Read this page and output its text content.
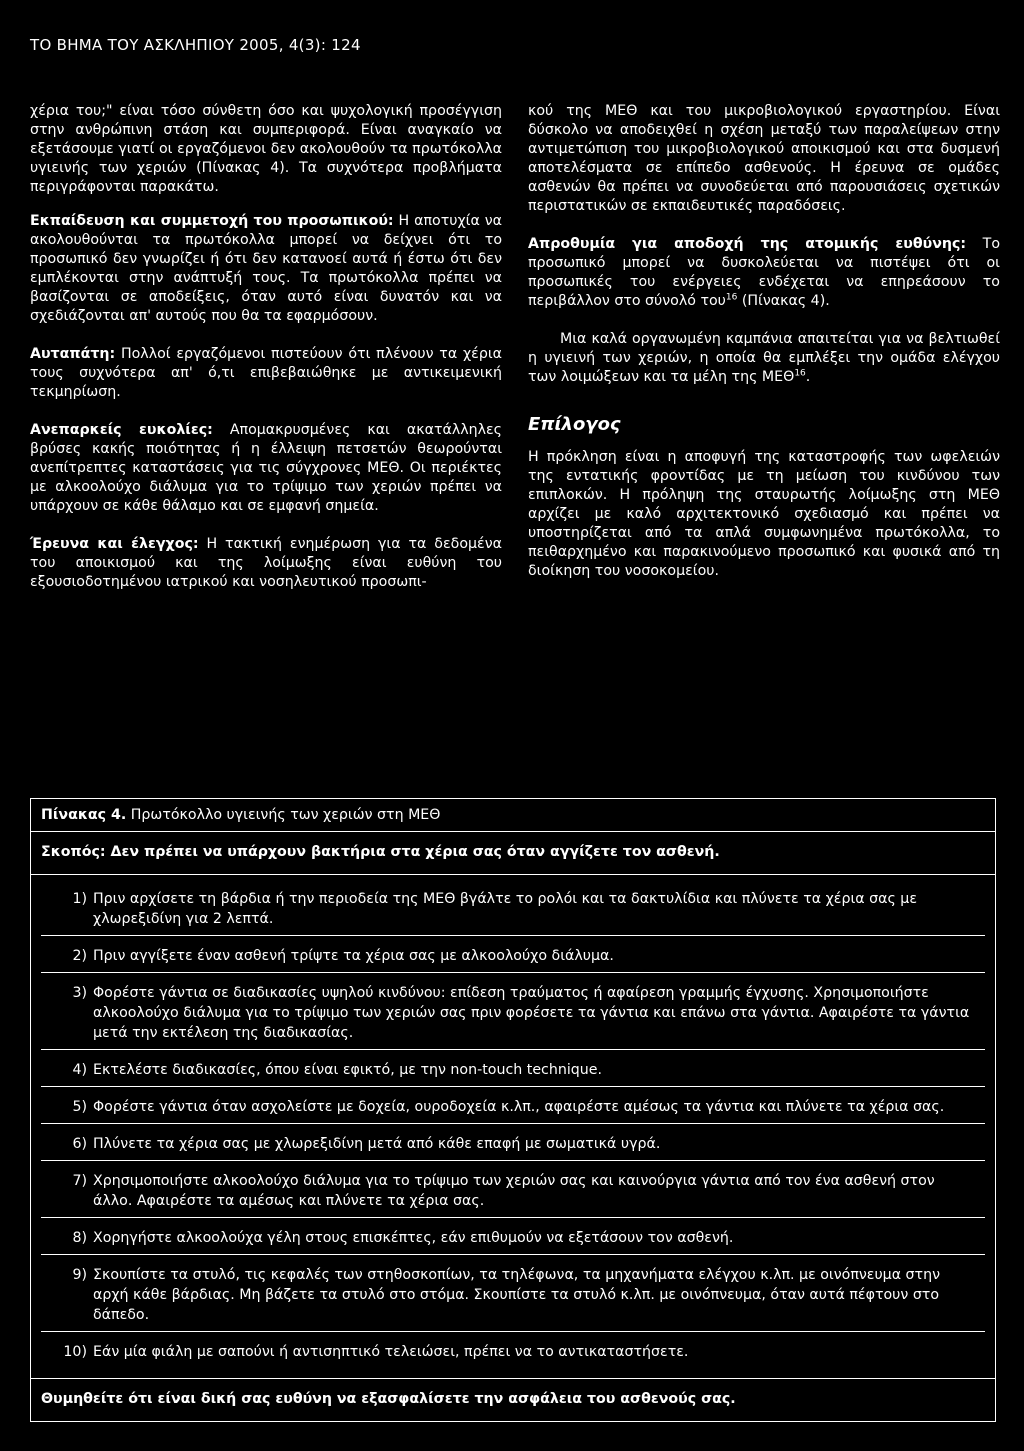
ΤΟ ΒΗΜΑ ΤΟΥ ΑΣΚΛΗΠΙΟΥ 2005, 4(3): 124

χέρια του;" είναι τόσο σύνθετη όσο και ψυχολογική προσέγγιση στην ανθρώπινη στάση και συμπεριφορά. Είναι αναγκαίο να εξετάσουμε γιατί οι εργαζόμενοι δεν ακολουθούν τα πρωτόκολλα υγιεινής των χεριών (Πίνακας 4). Τα συχνότερα προβλήματα περιγράφονται παρακάτω.

Εκπαίδευση και συμμετοχή του προσωπικού: Η αποτυχία να ακολουθούνται τα πρωτόκολλα μπορεί να δείχνει ότι το προσωπικό δεν γνωρίζει ή ότι δεν κατανοεί αυτά ή έστω ότι δεν εμπλέκονται στην ανάπτυξή τους. Τα πρωτόκολλα πρέπει να βασίζονται σε αποδείξεις, όταν αυτό είναι δυνατόν και να σχεδιάζονται απ' αυτούς που θα τα εφαρμόσουν.

Αυταπάτη: Πολλοί εργαζόμενοι πιστεύουν ότι πλένουν τα χέρια τους συχνότερα απ' ό,τι επιβεβαιώθηκε με αντικειμενική τεκμηρίωση.

Ανεπαρκείς ευκολίες: Απομακρυσμένες και ακατάλληλες βρύσες κακής ποιότητας ή η έλλειψη πετσετών θεωρούνται ανεπίτρεπτες καταστάσεις για τις σύγχρονες ΜΕΘ. Οι περιέκτες με αλκοολούχο διάλυμα για το τρίψιμο των χεριών πρέπει να υπάρχουν σε κάθε θάλαμο και σε εμφανή σημεία.

Έρευνα και έλεγχος: Η τακτική ενημέρωση για τα δεδομένα του αποικισμού και της λοίμωξης είναι ευθύνη του εξουσιοδοτημένου ιατρικού και νοσηλευτικού προσωπι-

κού της ΜΕΘ και του μικροβιολογικού εργαστηρίου. Είναι δύσκολο να αποδειχθεί η σχέση μεταξύ των παραλείψεων στην αντιμετώπιση του μικροβιολογικού αποικισμού και στα δυσμενή αποτελέσματα σε επίπεδο ασθενούς. Η έρευνα σε ομάδες ασθενών θα πρέπει να συνοδεύεται από παρουσιάσεις σχετικών περιστατικών σε εκπαιδευτικές παραδόσεις.

Απροθυμία για αποδοχή της ατομικής ευθύνης: Το προσωπικό μπορεί να δυσκολεύεται να πιστέψει ότι οι προσωπικές του ενέργειες ενδέχεται να επηρεάσουν το περιβάλλον στο σύνολό του$^{16}$ (Πίνακας 4).

Μια καλά οργανωμένη καμπάνια απαιτείται για να βελτιωθεί η υγιεινή των χεριών, η οποία θα εμπλέξει την ομάδα ελέγχου των λοιμώξεων και τα μέλη της ΜΕΘ$^{16}$.

Επίλογος

Η πρόκληση είναι η αποφυγή της καταστροφής των ωφελειών της εντατικής φροντίδας με τη μείωση του κινδύνου των επιπλοκών. Η πρόληψη της σταυρωτής λοίμωξης στη ΜΕΘ αρχίζει με καλό αρχιτεκτονικό σχεδιασμό και πρέπει να υποστηρίζεται από τα απλά συμφωνημένα πρωτόκολλα, το πειθαρχημένο και παρακινούμενο προσωπικό και φυσικά από τη διοίκηση του νοσοκομείου.

Πίνακας 4. Πρωτόκολλο υγιεινής των χεριών στη ΜΕΘ
Σκοπός: Δεν πρέπει να υπάρχουν βακτήρια στα χέρια σας όταν αγγίζετε τον ασθενή.
1) Πριν αρχίσετε τη βάρδια ή την περιοδεία της ΜΕΘ βγάλτε το ρολόι και τα δακτυλίδια και πλύνετε τα χέρια σας με χλωρεξιδίνη για 2 λεπτά.
2) Πριν αγγίξετε έναν ασθενή τρίψτε τα χέρια σας με αλκοολούχο διάλυμα.
3) Φορέστε γάντια σε διαδικασίες υψηλού κινδύνου: επίδεση τραύματος ή αφαίρεση γραμμής έγχυσης. Χρησιμοποιήστε αλκοολούχο διάλυμα για το τρίψιμο των χεριών σας πριν φορέσετε τα γάντια και επάνω στα γάντια. Αφαιρέστε τα γάντια μετά την εκτέλεση της διαδικασίας.
4) Εκτελέστε διαδικασίες, όπου είναι εφικτό, με την non-touch technique.
5) Φορέστε γάντια όταν ασχολείστε με δοχεία, ουροδοχεία κ.λπ., αφαιρέστε αμέσως τα γάντια και πλύνετε τα χέρια σας.
6) Πλύνετε τα χέρια σας με χλωρεξιδίνη μετά από κάθε επαφή με σωματικά υγρά.
7) Χρησιμοποιήστε αλκοολούχο διάλυμα για το τρίψιμο των χεριών σας και καινούργια γάντια από τον ένα ασθενή στον άλλο. Αφαιρέστε τα αμέσως και πλύνετε τα χέρια σας.
8) Χορηγήστε αλκοολούχα γέλη στους επισκέπτες, εάν επιθυμούν να εξετάσουν τον ασθενή.
9) Σκουπίστε τα στυλό, τις κεφαλές των στηθοσκοπίων, τα τηλέφωνα, τα μηχανήματα ελέγχου κ.λπ. με οινόπνευμα στην αρχή κάθε βάρδιας. Μη βάζετε τα στυλό στο στόμα. Σκουπίστε τα στυλό κ.λπ. με οινόπνευμα, όταν αυτά πέφτουν στο δάπεδο.
10) Εάν μία φιάλη με σαπούνι ή αντισηπτικό τελειώσει, πρέπει να το αντικαταστήσετε.
Θυμηθείτε ότι είναι δική σας ευθύνη να εξασφαλίσετε την ασφάλεια του ασθενούς σας.
